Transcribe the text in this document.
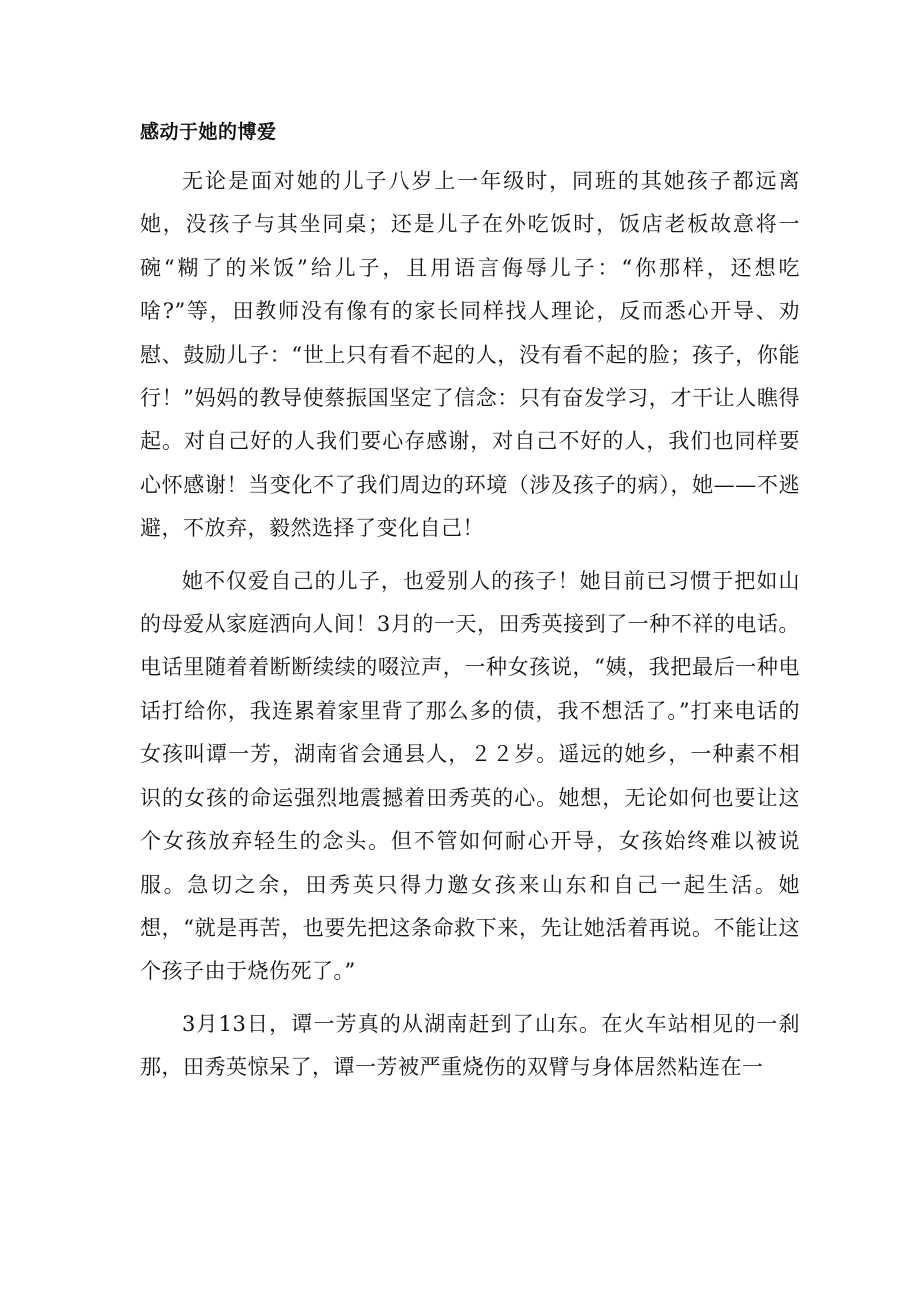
感动于她的博爱

无论是面对她的儿子八岁上一年级时，同班的其她孩子都远离她，没孩子与其坐同桌；还是儿子在外吃饭时，饭店老板故意将一碗“糊了的米饭”给儿子，且用语言侮辱儿子：“你那样，还想吃啥?”等，田教师没有像有的家长同样找人理论，反而悉心开导、劝慰、鼓励儿子：“世上只有看不起的人，没有看不起的脸；孩子，你能行！”妈妈的教导使蔡振国坚定了信念：只有奋发学习，才干让人瞧得起。对自己好的人我们要心存感谢，对自己不好的人，我们也同样要心怀感谢！当变化不了我们周边的环境（涉及孩子的病），她——不逃避，不放弃，毅然选择了变化自己！

她不仅爱自己的儿子，也爱别人的孩子！她目前已习惯于把如山的母爱从家庭洒向人间！3月的一天，田秀英接到了一种不祥的电话。电话里随着着断断续续的啜泣声，一种女孩说，“姨，我把最后一种电话打给你，我连累着家里背了那么多的债，我不想活了。”打来电话的女孩叫谭一芳，湖南省会通县人，２２岁。遥远的她乡，一种素不相识的女孩的命运强烈地震撼着田秀英的心。她想，无论如何也要让这个女孩放弃轻生的念头。但不管如何耐心开导，女孩始终难以被说服。急切之余，田秀英只得力邀女孩来山东和自己一起生活。她想，“就是再苦，也要先把这条命救下来，先让她活着再说。不能让这个孩子由于烧伤死了。”

3月13日，谭一芳真的从湖南赶到了山东。在火车站相见的一刹那，田秀英惊呆了，谭一芳被严重烧伤的双臂与身体居然粘连在一
